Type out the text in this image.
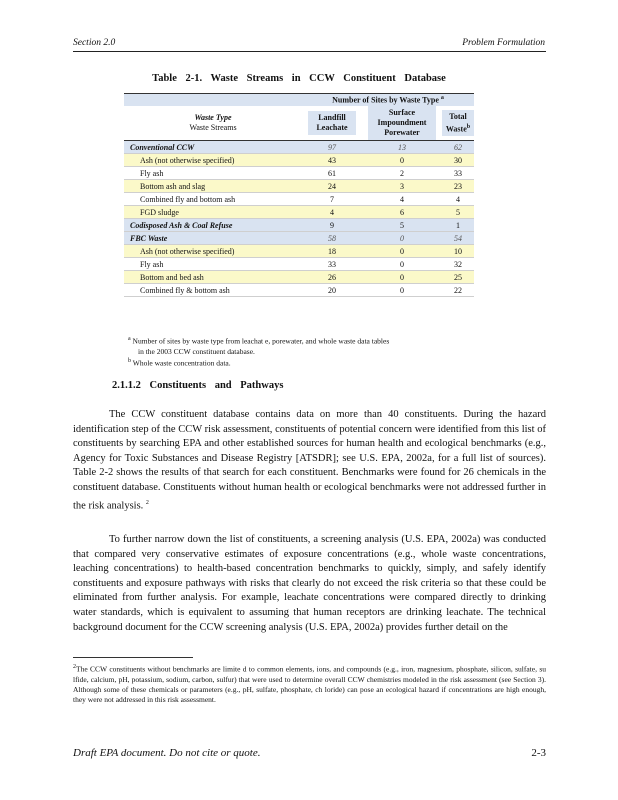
Section 2.0	Problem Formulation
Table 2-1. Waste Streams in CCW Constituent Database
	Number of Sites by Waste Type $^a$

Waste Type
Waste Streams	Landfill Leachate	Surface Impoundment Porewater	Total Waste$^b$

Conventional CCW	97	13	62
Ash (not otherwise specified)	43	0	30
Fly ash	61	2	33
Bottom ash and slag	24	3	23
Combined fly and bottom ash	7	4	4
FGD sludge	4	6	5
Codisposed Ash & Coal Refuse	9	5	1
FBC Waste	58	0	54
Ash (not otherwise specified)	18	0	10
Fly ash	33	0	32
Bottom and bed ash	26	0	25
Combined fly & bottom ash	20	0	22
$^a$ Number of sites by waste type from leachat e, porewater, and whole waste data tables
in the 2003 CCW constituent database.
$^b$ Whole waste concentration data.
2.1.1.2 Constituents and Pathways

The CCW constituent database contains data on more than 40 constituents. During the hazard identification step of the CCW risk assessment, constituents of potential concern were identified from this list of constituents by searching EPA and other established sources for human health and ecological benchmarks (e.g., Agency for Toxic Substances and Disease Registry [ATSDR]; see U.S. EPA, 2002a, for a full list of sources). Table 2-2 shows the results of that search for each constituent. Benchmarks were found for 26 chemicals in the constituent database. Constituents without human health or ecological benchmarks were not addressed further in the risk analysis. $^2$

To further narrow down the list of constituents, a screening analysis (U.S. EPA, 2002a) was conducted that compared very conservative estimates of exposure concentrations (e.g., whole waste concentrations, leaching concentrations) to health-based concentration benchmarks to quickly, simply, and safely identify constituents and exposure pathways with risks that clearly do not exceed the risk criteria so that these could be eliminated from further analysis. For example, leachate concentrations were compared directly to drinking water standards, which is equivalent to assuming that human receptors are drinking leachate. The technical background document for the CCW screening analysis (U.S. EPA, 2002a) provides further detail on the

$^2$The CCW constituents without benchmarks are limite d to common elements, ions, and compounds (e.g., iron, magnesium, phosphate, silicon, sulfate, su lfide, calcium, pH, potassium, sodium, carbon, sulfur) that were used to determine overall CCW chemistries modeled in the risk assessment (see Section 3). Although some of these chemicals or parameters (e.g., pH, sulfate, phosphate, ch loride) can pose an ecological hazard if concentrations are high enough, they were not addressed in this risk assessment.
Draft EPA document. Do not cite or quote.	2-3
